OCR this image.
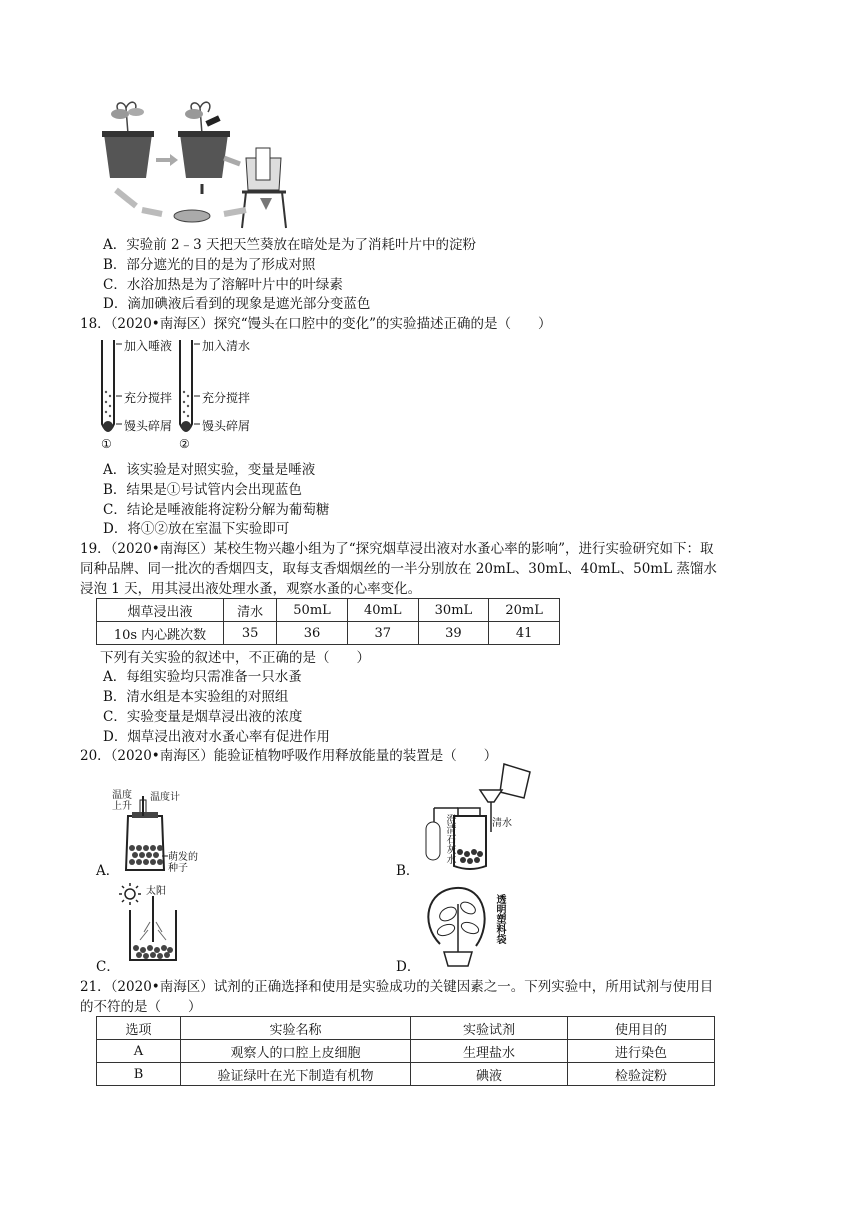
A．实验前 2﹣3 天把天竺葵放在暗处是为了消耗叶片中的淀粉
B．部分遮光的目的是为了形成对照
C．水浴加热是为了溶解叶片中的叶绿素
D．滴加碘液后看到的现象是遮光部分变蓝色
18．（2020•南海区）探究“馒头在口腔中的变化”的实验描述正确的是（　　）
加入唾液 加入清水
充分搅拌 充分搅拌
馒头碎屑 馒头碎屑
①	②
A．该实验是对照实验，变量是唾液
B．结果是①号试管内会出现蓝色
C．结论是唾液能将淀粉分解为葡萄糖
D．将①②放在室温下实验即可
19．（2020•南海区）某校生物兴趣小组为了“探究烟草浸出液对水蚤心率的影响”，进行实验研究如下：取
同种品牌、同一批次的香烟四支，取每支香烟烟丝的一半分别放在 20mL、30mL、40mL、50mL 蒸馏水
浸泡 1 天，用其浸出液处理水蚤，观察水蚤的心率变化。
烟草浸出液	清水	50mL	40mL	30mL	20mL
10s 内心跳次数	35	36	37	39	41
下列有关实验的叙述中，不正确的是（　　）
A．每组实验均只需准备一只水蚤
B．清水组是本实验组的对照组
C．实验变量是烟草浸出液的浓度
D．烟草浸出液对水蚤心率有促进作用
20．（2020•南海区）能验证植物呼吸作用释放能量的装置是（　　）
温度
上升
温度计
萌发的
种子
A．
清水
澄清石灰水
B．
太阳
C．
透明塑料袋
D．
21．（2020•南海区）试剂的正确选择和使用是实验成功的关键因素之一。下列实验中，所用试剂与使用目
的不符的是（　　）
选项	实验名称	实验试剂	使用目的
A	观察人的口腔上皮细胞	生理盐水	进行染色
B	验证绿叶在光下制造有机物	碘液	检验淀粉
